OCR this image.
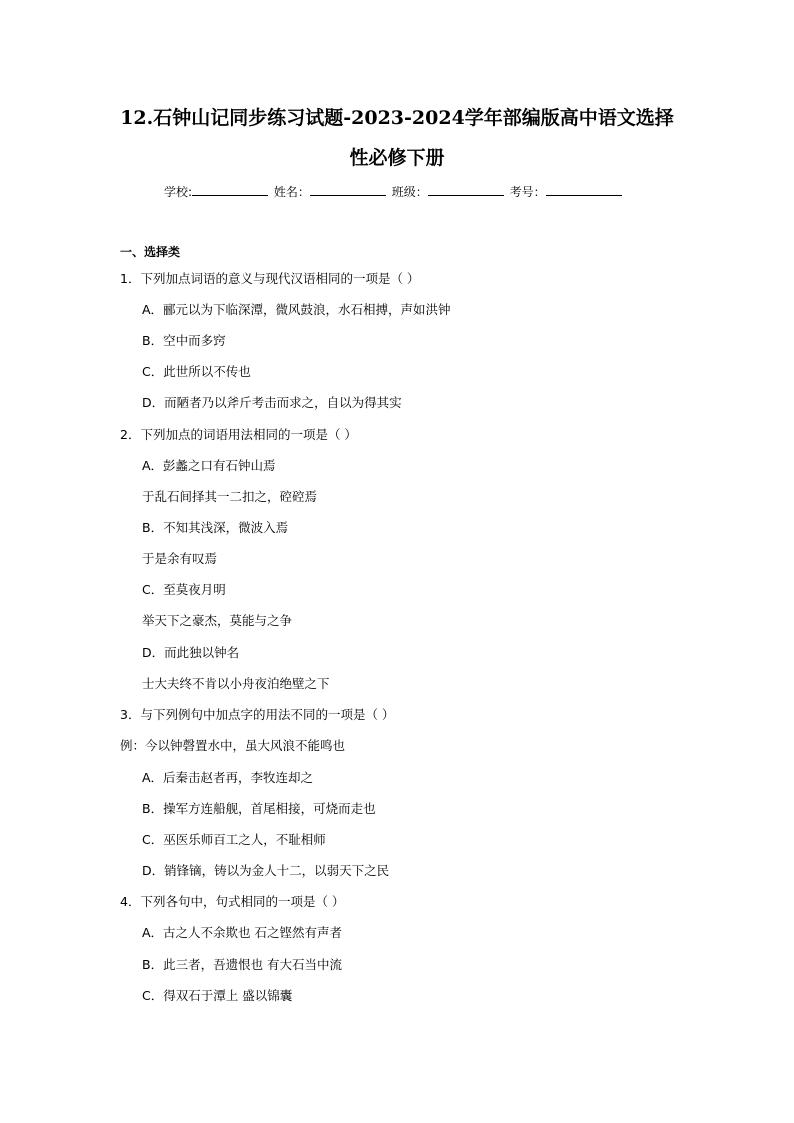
12.石钟山记同步练习试题-2023-2024学年部编版高中语文选择
性必修下册
学校:	姓名：	班级：	考号：
一、选择类
1．下列加点词语的意义与现代汉语相同的一项是（ ）
A．郦元以为下临深潭，微风鼓浪，水石相搏，声如洪钟
B．空中而多窍
C．此世所以不传也
D．而陋者乃以斧斤考击而求之，自以为得其实
2．下列加点的词语用法相同的一项是（ ）
A．彭蠡之口有石钟山焉
于乱石间择其一二扣之，硿硿焉
B．不知其浅深，微波入焉
于是余有叹焉
C．至莫夜月明
举天下之豪杰，莫能与之争
D．而此独以钟名
士大夫终不肯以小舟夜泊绝壁之下
3．与下列例句中加点字的用法不同的一项是（ ）
例：今以钟磬置水中，虽大风浪不能鸣也
A．后秦击赵者再，李牧连却之
B．操军方连船舰，首尾相接，可烧而走也
C．巫医乐师百工之人，不耻相师
D．销锋镝，铸以为金人十二，以弱天下之民
4．下列各句中，句式相同的一项是（ ）
A．古之人不余欺也 石之铿然有声者
B．此三者，吾遗恨也 有大石当中流
C．得双石于潭上 盛以锦囊
